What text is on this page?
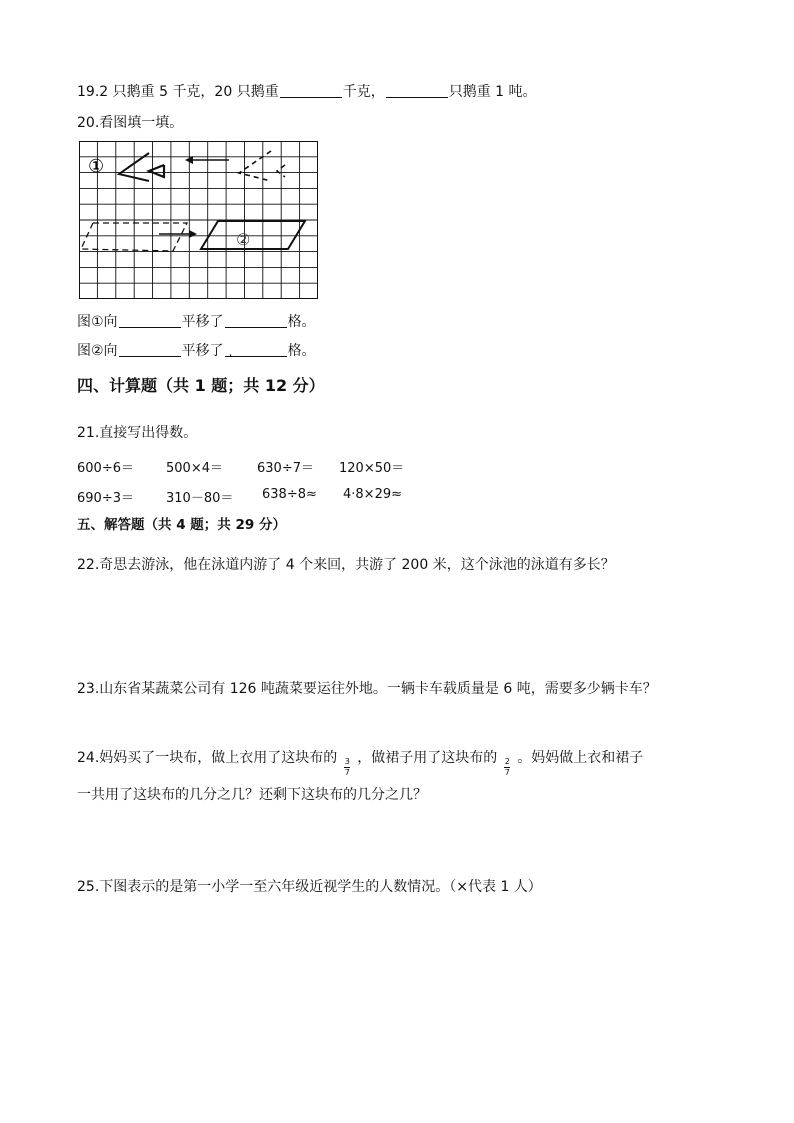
19.2 只鹅重 5 千克，20 只鹅重	千克，	只鹅重 1 吨。
20.看图填一填。
①
②
图①向	平移了	格。
图②向	平移了.	格。
四、计算题（共 1 题；共 12 分）
21.直接写出得数。
600÷6＝ 500×4＝	630÷7＝ 120×50＝
690÷3＝ 310－80＝ 638÷8≈ 4·8×29≈
五、解答题（共 4 题；共 29 分）
22.奇思去游泳，他在泳道内游了 4 个来回，共游了 200 米，这个泳池的泳道有多长？
23.山东省某蔬菜公司有 126 吨蔬菜要运往外地。一辆卡车载质量是 6 吨，需要多少辆卡车？
24.妈妈买了一块布，做上衣用了这块布的 $\frac{3}{7}$ ，做裙子用了这块布的 $\frac{2}{7}$ 。妈妈做上衣和裙子
一共用了这块布的几分之几？还剩下这块布的几分之几？
25.下图表示的是第一小学一至六年级近视学生的人数情况。（×代表 1 人）
